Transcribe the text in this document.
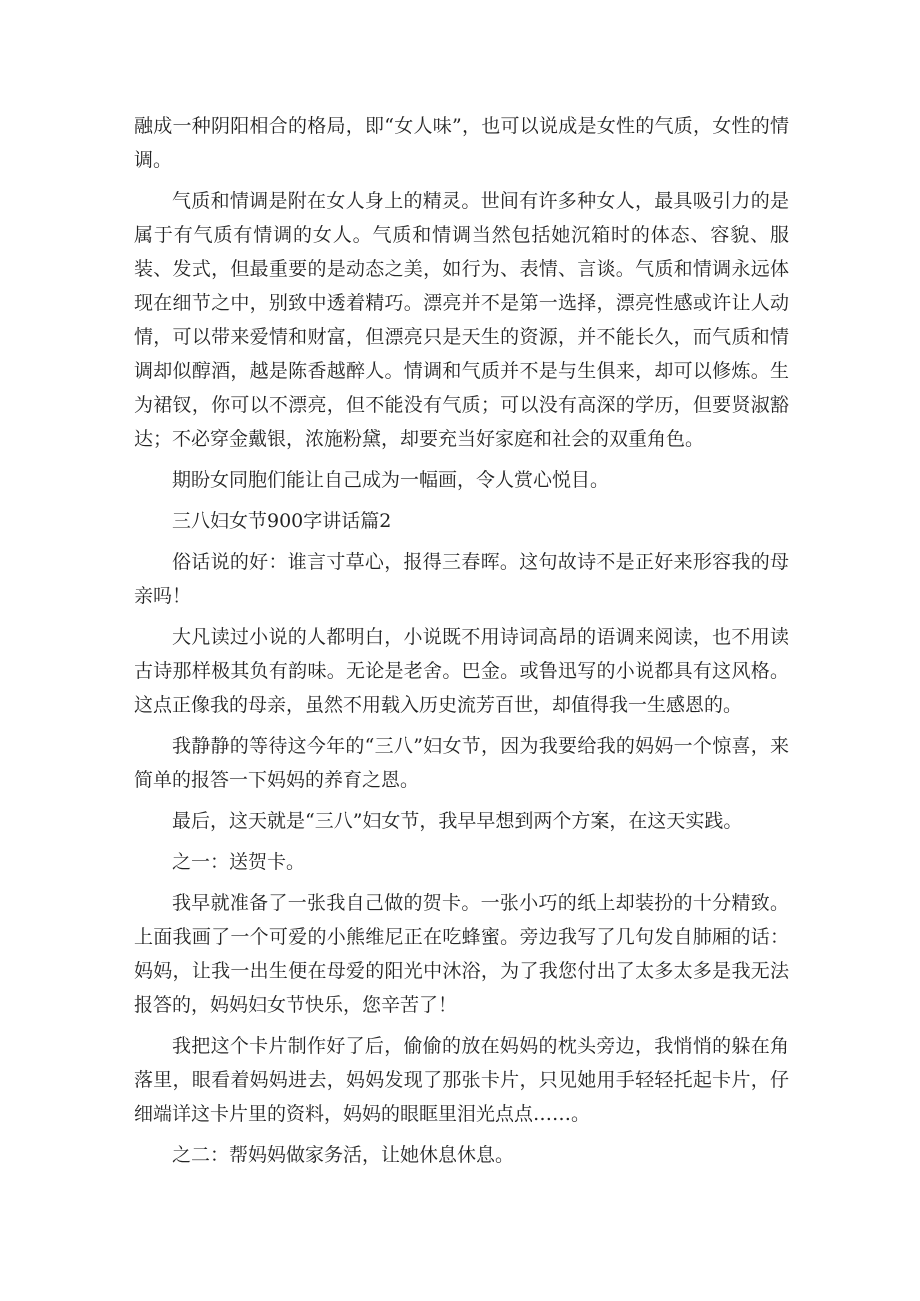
融成一种阴阳相合的格局，即“女人味”，也可以说成是女性的气质，女性的情调。

气质和情调是附在女人身上的精灵。世间有许多种女人，最具吸引力的是属于有气质有情调的女人。气质和情调当然包括她沉箱时的体态、容貌、服装、发式，但最重要的是动态之美，如行为、表情、言谈。气质和情调永远体现在细节之中，别致中透着精巧。漂亮并不是第一选择，漂亮性感或许让人动情，可以带来爱情和财富，但漂亮只是天生的资源，并不能长久，而气质和情调却似醇酒，越是陈香越醉人。情调和气质并不是与生俱来，却可以修炼。生为裙钗，你可以不漂亮，但不能没有气质；可以没有高深的学历，但要贤淑豁达；不必穿金戴银，浓施粉黛，却要充当好家庭和社会的双重角色。

期盼女同胞们能让自己成为一幅画，令人赏心悦目。

三八妇女节900字讲话篇2

俗话说的好：谁言寸草心，报得三春晖。这句故诗不是正好来形容我的母亲吗！

大凡读过小说的人都明白，小说既不用诗词高昂的语调来阅读，也不用读古诗那样极其负有韵味。无论是老舍。巴金。或鲁迅写的小说都具有这风格。这点正像我的母亲，虽然不用载入历史流芳百世，却值得我一生感恩的。

我静静的等待这今年的“三八”妇女节，因为我要给我的妈妈一个惊喜，来简单的报答一下妈妈的养育之恩。

最后，这天就是“三八”妇女节，我早早想到两个方案，在这天实践。

之一：送贺卡。

我早就准备了一张我自己做的贺卡。一张小巧的纸上却装扮的十分精致。上面我画了一个可爱的小熊维尼正在吃蜂蜜。旁边我写了几句发自肺厢的话：妈妈，让我一出生便在母爱的阳光中沐浴，为了我您付出了太多太多是我无法报答的，妈妈妇女节快乐，您辛苦了！

我把这个卡片制作好了后，偷偷的放在妈妈的枕头旁边，我悄悄的躲在角落里，眼看着妈妈进去，妈妈发现了那张卡片，只见她用手轻轻托起卡片，仔细端详这卡片里的资料，妈妈的眼眶里泪光点点……。

之二：帮妈妈做家务活，让她休息休息。
